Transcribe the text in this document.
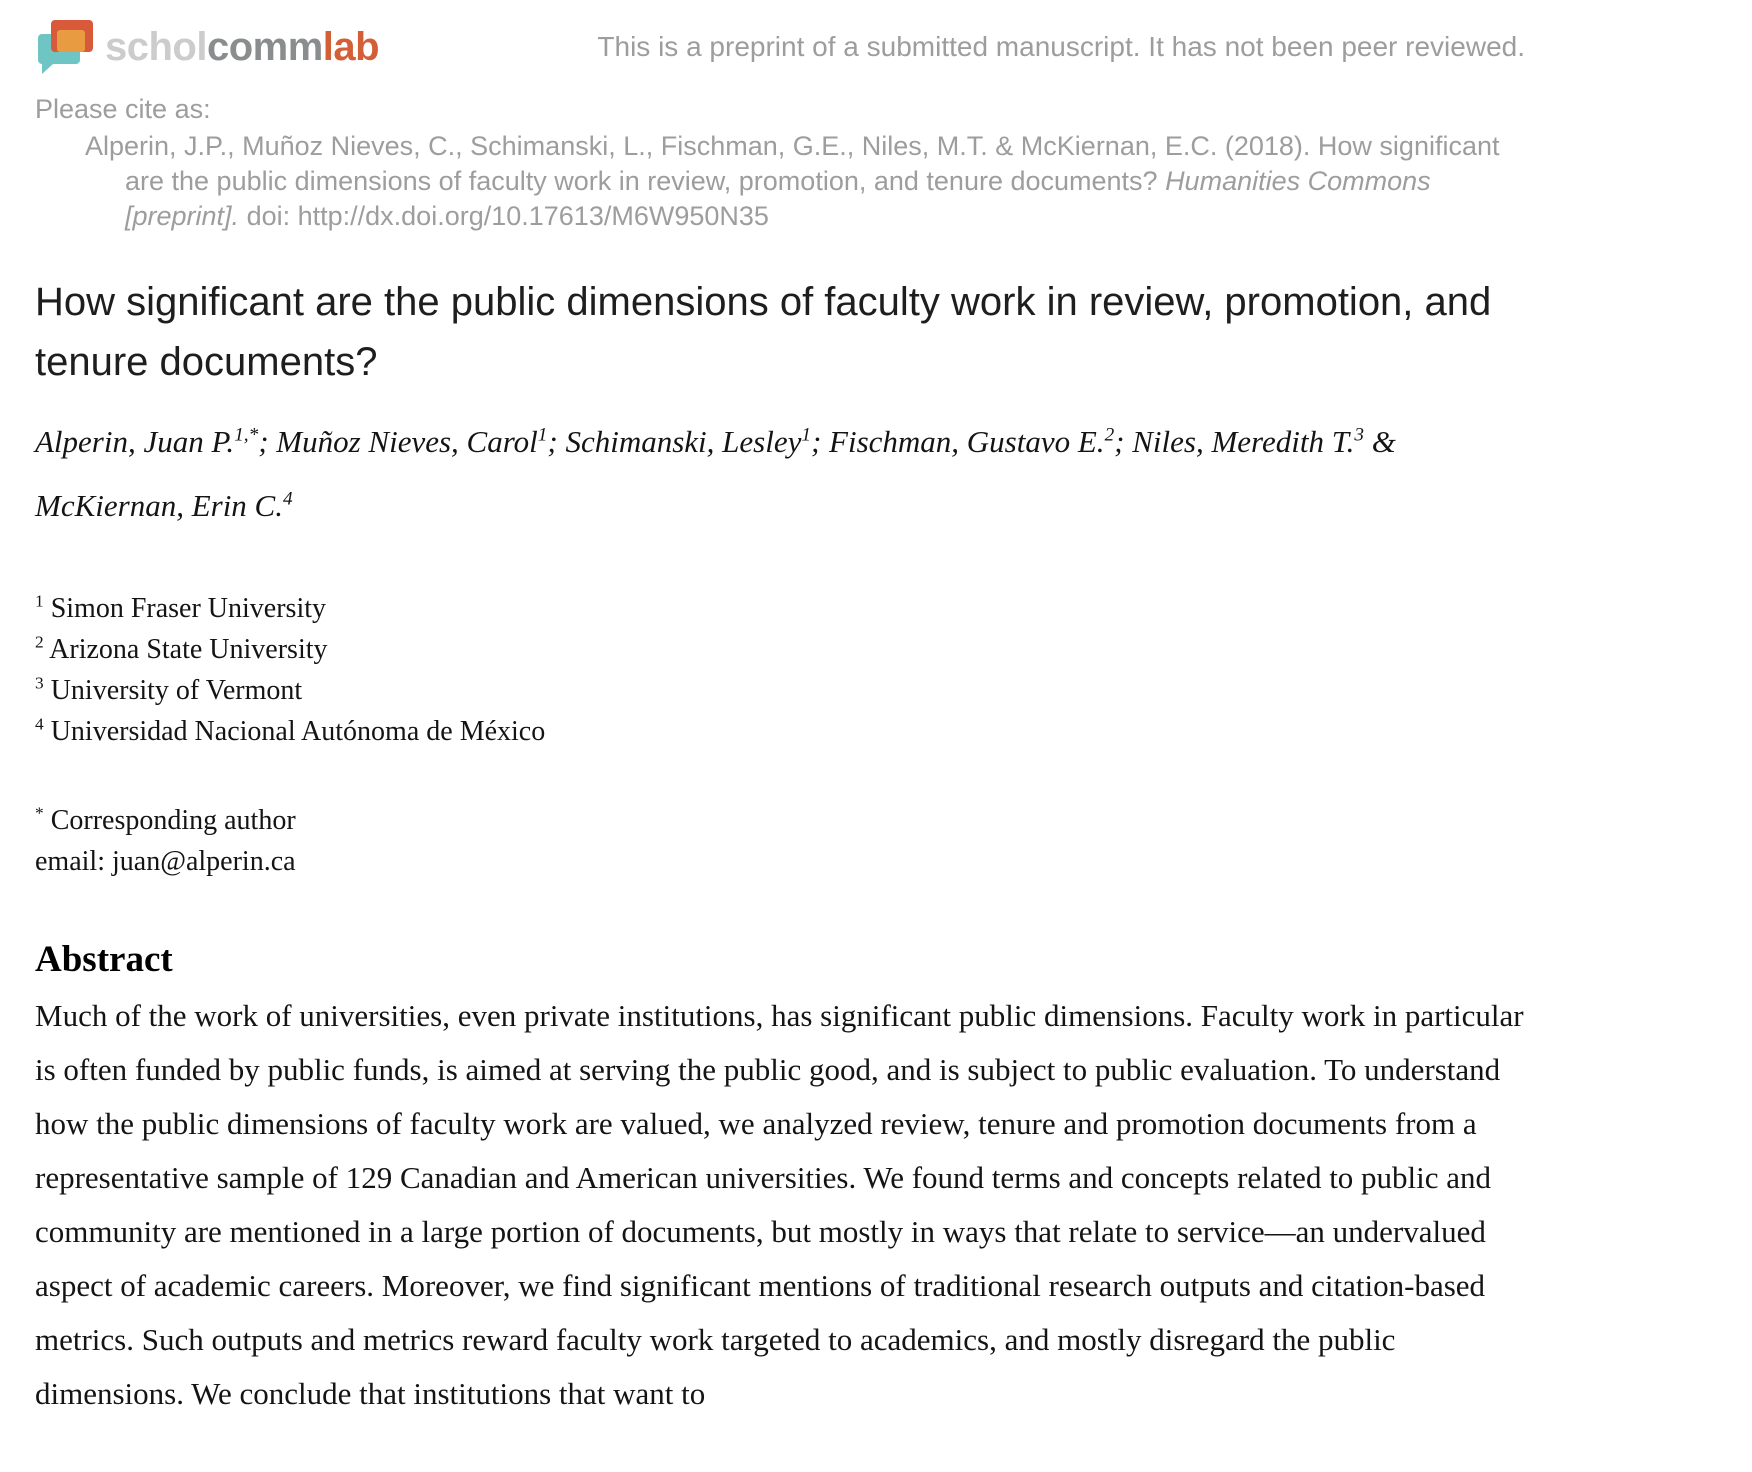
scholcommlab	This is a preprint of a submitted manuscript. It has not been peer reviewed.
Please cite as:

Alperin, J.P., Muñoz Nieves, C., Schimanski, L., Fischman, G.E., Niles, M.T. & McKiernan, E.C. (2018). How significant are the public dimensions of faculty work in review, promotion, and tenure documents? Humanities Commons [preprint]. doi: http://dx.doi.org/10.17613/M6W950N35

How significant are the public dimensions of faculty work in review, promotion, and tenure documents?

Alperin, Juan P.$^{1,*}$; Muñoz Nieves, Carol$^1$; Schimanski, Lesley$^1$; Fischman, Gustavo E.$^2$; Niles, Meredith T.$^3$ & McKiernan, Erin C.$^4$

$^1$ Simon Fraser University
$^2$ Arizona State University
$^3$ University of Vermont
$^4$ Universidad Nacional Autónoma de México
* Corresponding author
email: juan@alperin.ca
Abstract

Much of the work of universities, even private institutions, has significant public dimensions. Faculty work in particular is often funded by public funds, is aimed at serving the public good, and is subject to public evaluation. To understand how the public dimensions of faculty work are valued, we analyzed review, tenure and promotion documents from a representative sample of 129 Canadian and American universities. We found terms and concepts related to public and community are mentioned in a large portion of documents, but mostly in ways that relate to service—an undervalued aspect of academic careers. Moreover, we find significant mentions of traditional research outputs and citation-based metrics. Such outputs and metrics reward faculty work targeted to academics, and mostly disregard the public dimensions. We conclude that institutions that want to
